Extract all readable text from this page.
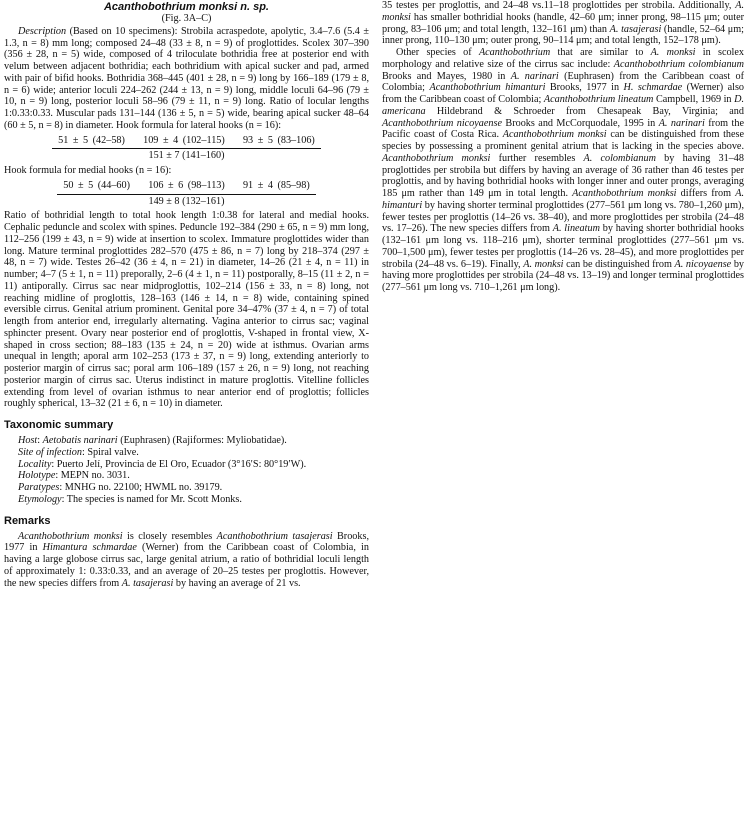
Acanthobothrium monksi n. sp.
(Fig. 3A–C)

Description (Based on 10 specimens): Strobila acraspedote, apolytic, 3.4–7.6 (5.4 ± 1.3, n = 8) mm long; composed 24–48 (33 ± 8, n = 9) of proglottides. Scolex 307–390 (356 ± 28, n = 5) wide, composed of 4 triloculate bothridia free at posterior end with velum between adjacent bothridia; each bothridium with apical sucker and pad, armed with pair of bifid hooks. Bothridia 368–445 (401 ± 28, n = 9) long by 166–189 (179 ± 8, n = 6) wide; anterior loculi 224–262 (244 ± 13, n = 9) long, middle loculi 64–96 (79 ± 10, n = 9) long, posterior loculi 58–96 (79 ± 11, n = 9) long. Ratio of locular lengths 1:0.33:0.33. Muscular pads 131–144 (136 ± 5, n = 5) wide, bearing apical sucker 48–64 (60 ± 5, n = 8) in diameter. Hook formula for lateral hooks (n = 16):

51 ± 5 (42–58)    109 ± 4 (102–115)    93 ± 5 (83–106)
151 ± 7 (141–160)

Hook formula for medial hooks (n = 16):

50 ± 5 (44–60)    106 ± 6 (98–113)    91 ± 4 (85–98)
149 ± 8 (132–161)

Ratio of bothridial length to total hook length 1:0.38 for lateral and medial hooks. Cephalic peduncle and scolex with spines. Peduncle 192–384 (290 ± 65, n = 9) mm long, 112–256 (199 ± 43, n = 9) wide at insertion to scolex. Immature proglottides wider than long. Mature terminal proglottides 282–570 (475 ± 86, n = 7) long by 218–374 (297 ± 48, n = 7) wide. Testes 26–42 (36 ± 4, n = 21) in diameter, 14–26 (21 ± 4, n = 11) in number; 4–7 (5 ± 1, n = 11) preporally, 2–6 (4 ± 1, n = 11) postporally, 8–15 (11 ± 2, n = 11) antiporally. Cirrus sac near midproglottis, 102–214 (156 ± 33, n = 8) long, not reaching midline of proglottis, 128–163 (146 ± 14, n = 8) wide, containing spined eversible cirrus. Genital atrium prominent. Genital pore 34–47% (37 ± 4, n = 7) of total length from anterior end, irregularly alternating. Vagina anterior to cirrus sac; vaginal sphincter present. Ovary near posterior end of proglottis, V-shaped in frontal view, X-shaped in cross section; 88–183 (135 ± 24, n = 20) wide at isthmus. Ovarian arms unequal in length; aporal arm 102–253 (173 ± 37, n = 9) long, extending anteriorly to posterior margin of cirrus sac; poral arm 106–189 (157 ± 26, n = 9) long, not reaching posterior margin of cirrus sac. Uterus indistinct in mature proglottis. Vitelline follicles extending from level of ovarian isthmus to near anterior end of proglottis; follicles roughly spherical, 13–32 (21 ± 6, n = 10) in diameter.

Taxonomic summary

Host: Aetobatis narinari (Euphrasen) (Rajiformes: Myliobatidae).

Site of infection: Spiral valve.

Locality: Puerto Jelí, Provincia de El Oro, Ecuador (3°16′S: 80°19′W).

Holotype: MEPN no. 3031.

Paratypes: MNHG no. 22100; HWML no. 39179.

Etymology: The species is named for Mr. Scott Monks.

Remarks

Acanthobothrium monksi is closely resembles Acanthobothrium tasajerasi Brooks, 1977 in Himantura schmardae (Werner) from the Caribbean coast of Colombia, in having a large globose cirrus sac, large genital atrium, a ratio of bothridial loculi length of approximately 1: 0.33:0.33, and an average of 20–25 testes per proglottis. However, the new species differs from A. tasajerasi by having an average of 21 vs.

35 testes per proglottis, and 24–48 vs.11–18 proglottides per strobila. Additionally, A. monksi has smaller bothridial hooks (handle, 42–60 μm; inner prong, 98–115 μm; outer prong, 83–106 μm; and total length, 132–161 μm) than A. tasajerasi (handle, 52–64 μm; inner prong, 110–130 μm; outer prong, 90–114 μm; and total length, 152–178 μm).

Other species of Acanthobothrium that are similar to A. monksi in scolex morphology and relative size of the cirrus sac include: Acanthobothrium colombianum Brooks and Mayes, 1980 in A. narinari (Euphrasen) from the Caribbean coast of Colombia; Acanthobothrium himanturi Brooks, 1977 in H. schmardae (Werner) also from the Caribbean coast of Colombia; Acanthobothrium lineatum Campbell, 1969 in D. americana Hildebrand & Schroeder from Chesapeak Bay, Virginia; and Acanthobothrium nicoyaense Brooks and McCorquodale, 1995 in A. narinari from the Pacific coast of Costa Rica. Acanthobothrium monksi can be distinguished from these species by possessing a prominent genital atrium that is lacking in the species above. Acanthobothrium monksi further resembles A. colombianum by having 31–48 proglottides per strobila but differs by having an average of 36 rather than 46 testes per proglottis, and by having bothridial hooks with longer inner and outer prongs, averaging 185 μm rather than 149 μm in total length. Acanthobothrium monksi differs from A. himanturi by having shorter terminal proglottides (277–561 μm long vs. 780–1,260 μm), fewer testes per proglottis (14–26 vs. 38–40), and more proglottides per strobila (24–48 vs. 17–26). The new species differs from A. lineatum by having shorter bothridial hooks (132–161 μm long vs. 118–216 μm), shorter terminal proglottides (277–561 μm vs. 700–1,500 μm), fewer testes per proglottis (14–26 vs. 28–45), and more proglottides per strobila (24–48 vs. 6–19). Finally, A. monksi can be distinguished from A. nicoyaense by having more proglottides per strobila (24–48 vs. 13–19) and longer terminal proglottides (277–561 μm long vs. 710–1,261 μm long).
